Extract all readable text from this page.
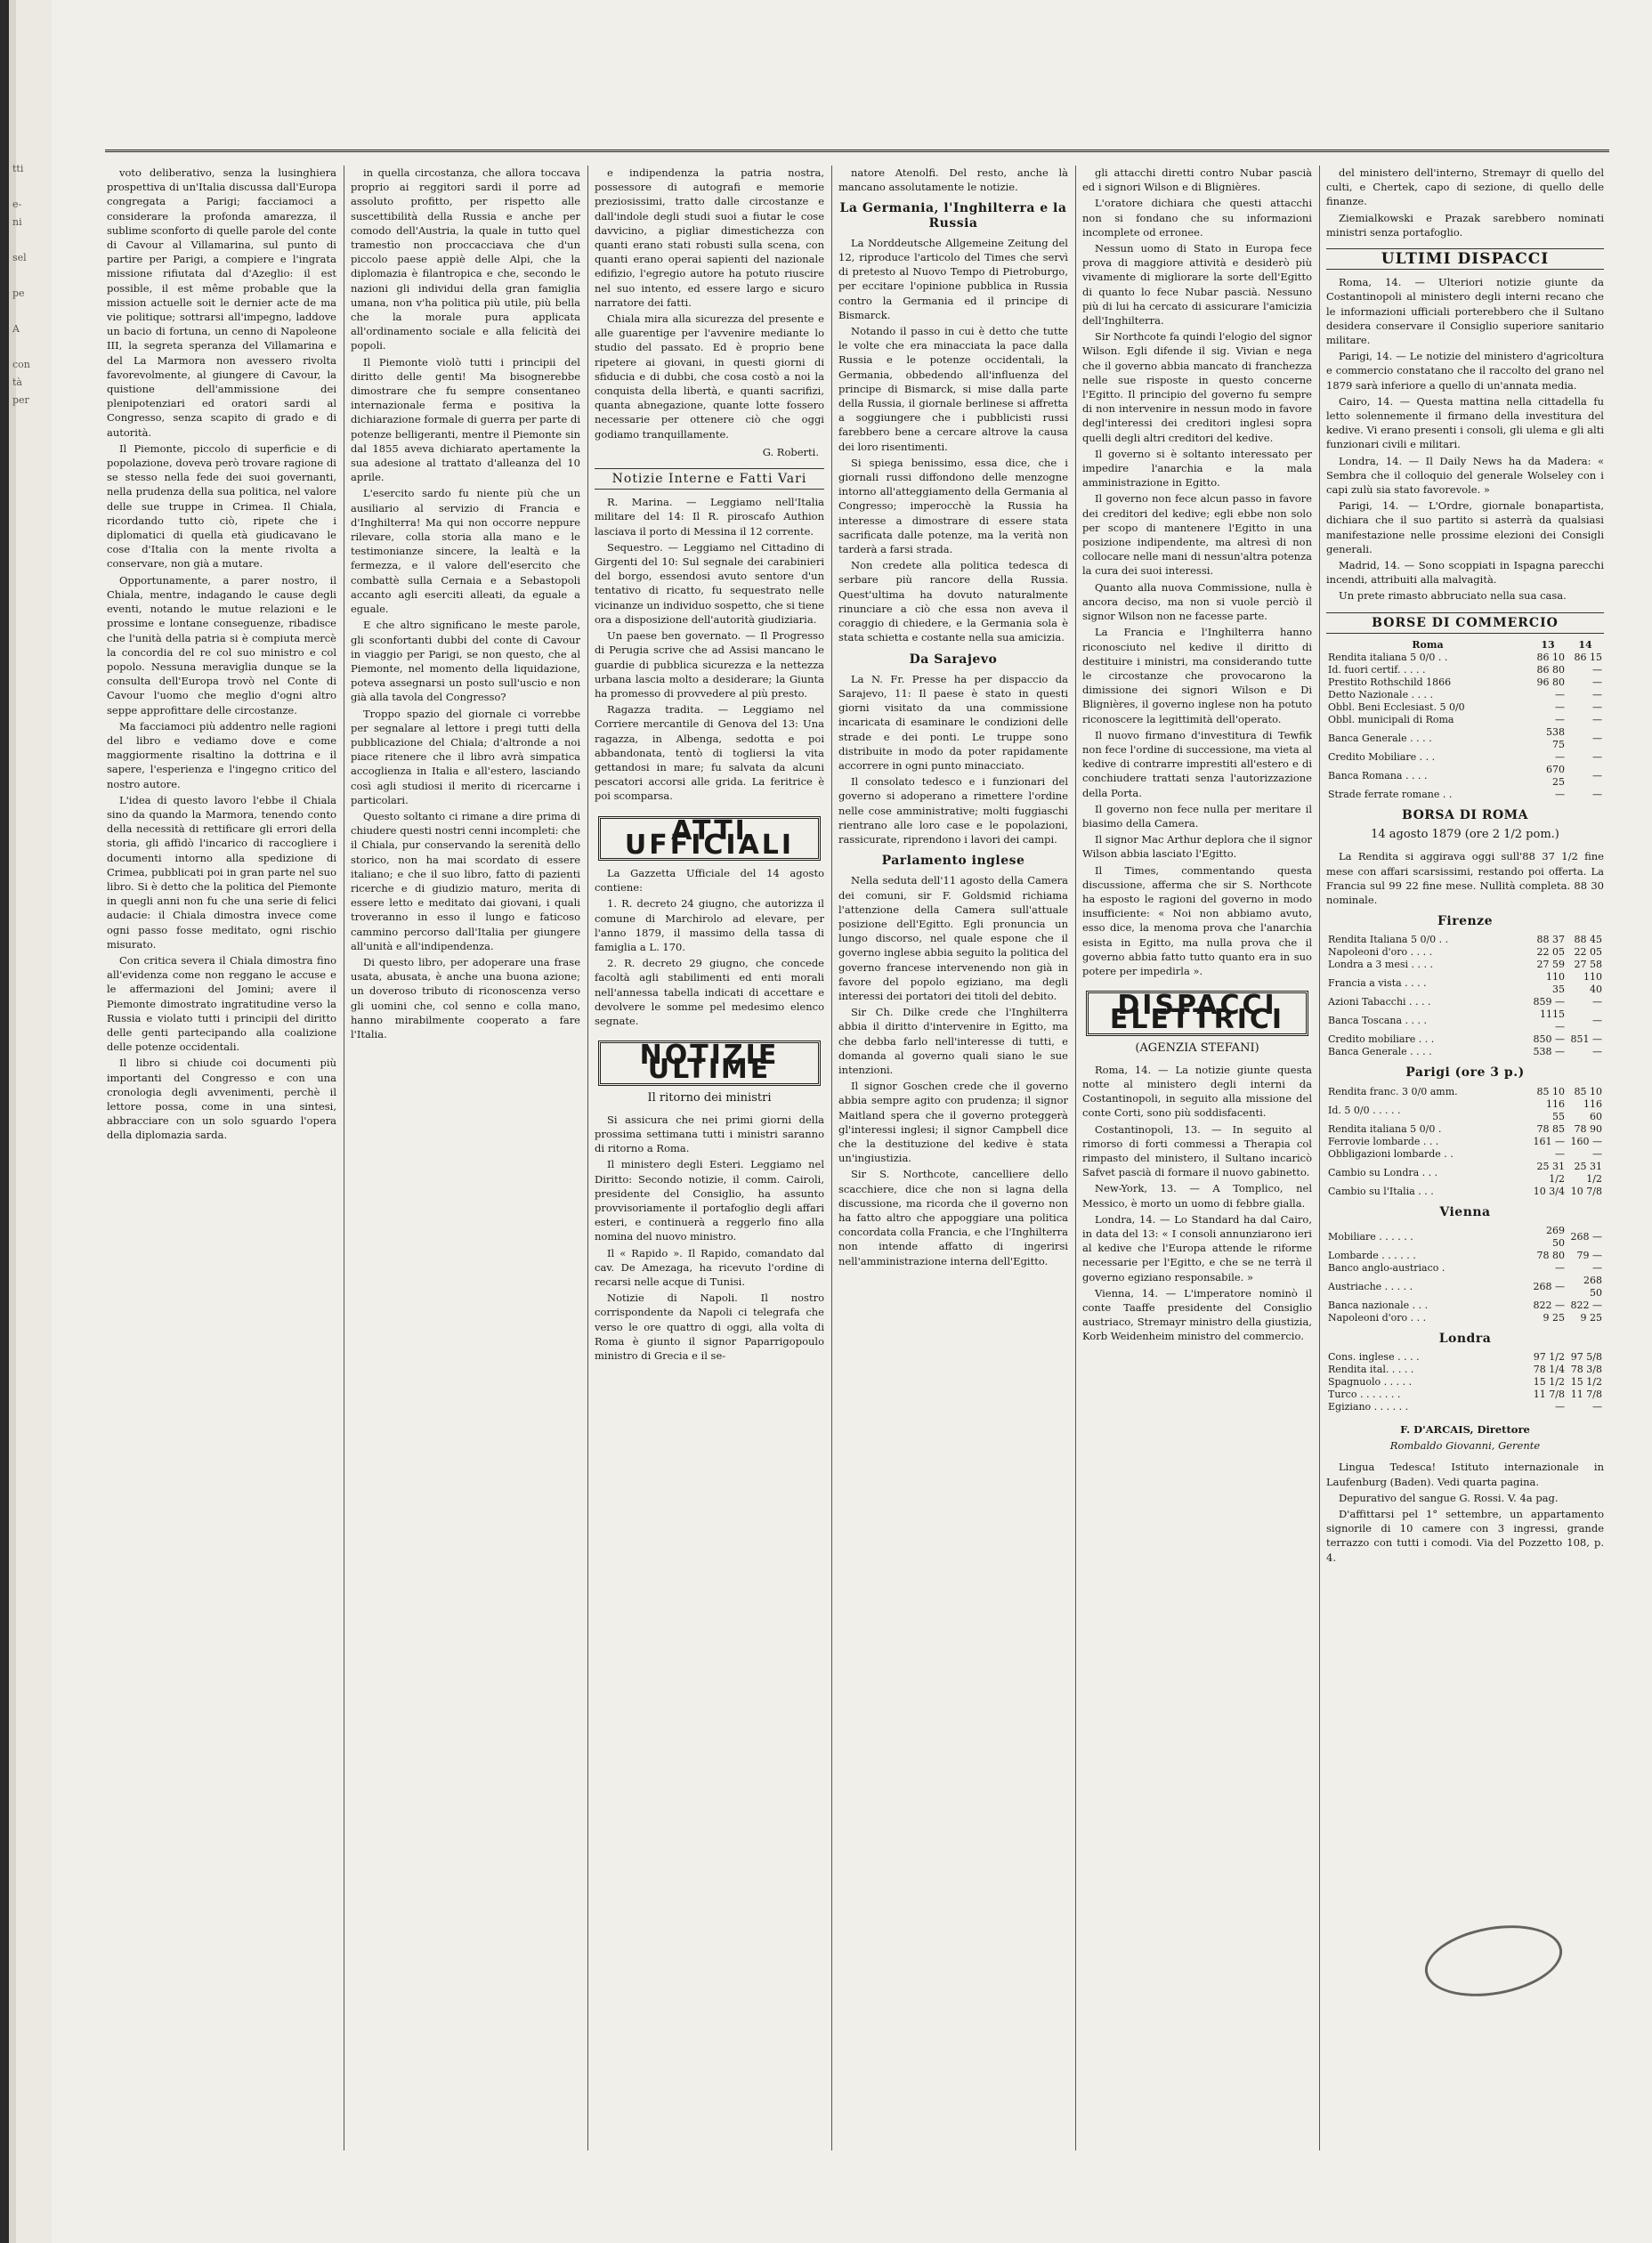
tti

e-
ni

sel

pe

A

con
tà
per

voto deliberativo, senza la lusinghiera prospettiva di un'Italia discussa dall'Europa congregata a Parigi; facciamoci a considerare la profonda amarezza, il sublime sconforto di quelle parole del conte di Cavour al Villamarina, sul punto di partire per Parigi, a compiere e l'ingrata missione rifiutata dal d'Azeglio: il est possible, il est même probable que la mission actuelle soit le dernier acte de ma vie politique; sottrarsi all'impegno, laddove un bacio di fortuna, un cenno di Napoleone III, la segreta speranza del Villamarina e del La Marmora non avessero rivolta favorevolmente, al giungere di Cavour, la quistione dell'ammissione dei plenipotenziari ed oratori sardi al Congresso, senza scapito di grado e di autorità.

Il Piemonte, piccolo di superficie e di popolazione, doveva però trovare ragione di se stesso nella fede dei suoi governanti, nella prudenza della sua politica, nel valore delle sue truppe in Crimea. Il Chiala, ricordando tutto ciò, ripete che i diplomatici di quella età giudicavano le cose d'Italia con la mente rivolta a conservare, non già a mutare.

Opportunamente, a parer nostro, il Chiala, mentre, indagando le cause degli eventi, notando le mutue relazioni e le prossime e lontane conseguenze, ribadisce che l'unità della patria si è compiuta mercè la concordia del re col suo ministro e col popolo. Nessuna meraviglia dunque se la consulta dell'Europa trovò nel Conte di Cavour l'uomo che meglio d'ogni altro seppe approfittare delle circostanze.

Ma facciamoci più addentro nelle ragioni del libro e vediamo dove e come maggiormente risaltino la dottrina e il sapere, l'esperienza e l'ingegno critico del nostro autore.

L'idea di questo lavoro l'ebbe il Chiala sino da quando la Marmora, tenendo conto della necessità di rettificare gli errori della storia, gli affidò l'incarico di raccogliere i documenti intorno alla spedizione di Crimea, pubblicati poi in gran parte nel suo libro. Si è detto che la politica del Piemonte in quegli anni non fu che una serie di felici audacie: il Chiala dimostra invece come ogni passo fosse meditato, ogni rischio misurato.

Con critica severa il Chiala dimostra fino all'evidenza come non reggano le accuse e le affermazioni del Jomini; avere il Piemonte dimostrato ingratitudine verso la Russia e violato tutti i principii del diritto delle genti partecipando alla coalizione delle potenze occidentali.

Il libro si chiude coi documenti più importanti del Congresso e con una cronologia degli avvenimenti, perchè il lettore possa, come in una sintesi, abbracciare con un solo sguardo l'opera della diplomazia sarda.

in quella circostanza, che allora toccava proprio ai reggitori sardi il porre ad assoluto profitto, per rispetto alle suscettibilità della Russia e anche per comodo dell'Austria, la quale in tutto quel tramestìo non proccacciava che d'un piccolo paese appiè delle Alpi, che la diplomazia è filantropica e che, secondo le nazioni gli individui della gran famiglia umana, non v'ha politica più utile, più bella che la morale pura applicata all'ordinamento sociale e alla felicità dei popoli.

Il Piemonte violò tutti i principii del diritto delle genti! Ma bisognerebbe dimostrare che fu sempre consentaneo internazionale ferma e positiva la dichiarazione formale di guerra per parte di potenze belligeranti, mentre il Piemonte sin dal 1855 aveva dichiarato apertamente la sua adesione al trattato d'alleanza del 10 aprile.

L'esercito sardo fu niente più che un ausiliario al servizio di Francia e d'Inghilterra! Ma qui non occorre neppure rilevare, colla storia alla mano e le testimonianze sincere, la lealtà e la fermezza, e il valore dell'esercito che combattè sulla Cernaia e a Sebastopoli accanto agli eserciti alleati, da eguale a eguale.

E che altro significano le meste parole, gli sconfortanti dubbi del conte di Cavour in viaggio per Parigi, se non questo, che al Piemonte, nel momento della liquidazione, poteva assegnarsi un posto sull'uscio e non già alla tavola del Congresso?

Troppo spazio del giornale ci vorrebbe per segnalare al lettore i pregi tutti della pubblicazione del Chiala; d'altronde a noi piace ritenere che il libro avrà simpatica accoglienza in Italia e all'estero, lasciando così agli studiosi il merito di ricercarne i particolari.

Questo soltanto ci rimane a dire prima di chiudere questi nostri cenni incompleti: che il Chiala, pur conservando la serenità dello storico, non ha mai scordato di essere italiano; e che il suo libro, fatto di pazienti ricerche e di giudizio maturo, merita di essere letto e meditato dai giovani, i quali troveranno in esso il lungo e faticoso cammino percorso dall'Italia per giungere all'unità e all'indipendenza.

Di questo libro, per adoperare una frase usata, abusata, è anche una buona azione; un doveroso tributo di riconoscenza verso gli uomini che, col senno e colla mano, hanno mirabilmente cooperato a fare l'Italia.

e indipendenza la patria nostra, possessore di autografi e memorie preziosissimi, tratto dalle circostanze e dall'indole degli studi suoi a fiutar le cose davvicino, a pigliar dimestichezza con quanti erano stati robusti sulla scena, con quanti erano operai sapienti del nazionale edifizio, l'egregio autore ha potuto riuscire nel suo intento, ed essere largo e sicuro narratore dei fatti.

Chiala mira alla sicurezza del presente e alle guarentige per l'avvenire mediante lo studio del passato. Ed è proprio bene ripetere ai giovani, in questi giorni di sfiducia e di dubbi, che cosa costò a noi la conquista della libertà, e quanti sacrifizi, quanta abnegazione, quante lotte fossero necessarie per ottenere ciò che oggi godiamo tranquillamente.

G. Roberti.
Notizie Interne e Fatti Vari

R. Marina. — Leggiamo nell'Italia militare del 14: Il R. piroscafo Authion lasciava il porto di Messina il 12 corrente.

Sequestro. — Leggiamo nel Cittadino di Girgenti del 10: Sul segnale dei carabinieri del borgo, essendosi avuto sentore d'un tentativo di ricatto, fu sequestrato nelle vicinanze un individuo sospetto, che si tiene ora a disposizione dell'autorità giudiziaria.

Un paese ben governato. — Il Progresso di Perugia scrive che ad Assisi mancano le guardie di pubblica sicurezza e la nettezza urbana lascia molto a desiderare; la Giunta ha promesso di provvedere al più presto.

Ragazza tradita. — Leggiamo nel Corriere mercantile di Genova del 13: Una ragazza, in Albenga, sedotta e poi abbandonata, tentò di togliersi la vita gettandosi in mare; fu salvata da alcuni pescatori accorsi alle grida. La feritrice è poi scomparsa.

ATTI UFFICIALI

La Gazzetta Ufficiale del 14 agosto contiene:

1. R. decreto 24 giugno, che autorizza il comune di Marchirolo ad elevare, per l'anno 1879, il massimo della tassa di famiglia a L. 170.

2. R. decreto 29 giugno, che concede facoltà agli stabilimenti ed enti morali nell'annessa tabella indicati di accettare e devolvere le somme pel medesimo elenco segnate.

NOTIZIE ULTIME
Il ritorno dei ministri

Si assicura che nei primi giorni della prossima settimana tutti i ministri saranno di ritorno a Roma.

Il ministero degli Esteri. Leggiamo nel Diritto: Secondo notizie, il comm. Cairoli, presidente del Consiglio, ha assunto provvisoriamente il portafoglio degli affari esteri, e continuerà a reggerlo fino alla nomina del nuovo ministro.

Il « Rapido ». Il Rapido, comandato dal cav. De Amezaga, ha ricevuto l'ordine di recarsi nelle acque di Tunisi.

Notizie di Napoli. Il nostro corrispondente da Napoli ci telegrafa che verso le ore quattro di oggi, alla volta di Roma è giunto il signor Paparrigopoulo ministro di Grecia e il se-

natore Atenolfi. Del resto, anche là mancano assolutamente le notizie.

La Germania, l'Inghilterra e la Russia

La Norddeutsche Allgemeine Zeitung del 12, riproduce l'articolo del Times che servì di pretesto al Nuovo Tempo di Pietroburgo, per eccitare l'opinione pubblica in Russia contro la Germania ed il principe di Bismarck.

Notando il passo in cui è detto che tutte le volte che era minacciata la pace dalla Russia e le potenze occidentali, la Germania, obbedendo all'influenza del principe di Bismarck, si mise dalla parte della Russia, il giornale berlinese si affretta a soggiungere che i pubblicisti russi farebbero bene a cercare altrove la causa dei loro risentimenti.

Si spiega benissimo, essa dice, che i giornali russi diffondono delle menzogne intorno all'atteggiamento della Germania al Congresso; imperocchè la Russia ha interesse a dimostrare di essere stata sacrificata dalle potenze, ma la verità non tarderà a farsi strada.

Non credete alla politica tedesca di serbare più rancore della Russia. Quest'ultima ha dovuto naturalmente rinunciare a ciò che essa non aveva il coraggio di chiedere, e la Germania sola è stata schietta e costante nella sua amicizia.

Da Sarajevo

La N. Fr. Presse ha per dispaccio da Sarajevo, 11: Il paese è stato in questi giorni visitato da una commissione incaricata di esaminare le condizioni delle strade e dei ponti. Le truppe sono distribuite in modo da poter rapidamente accorrere in ogni punto minacciato.

Il consolato tedesco e i funzionari del governo si adoperano a rimettere l'ordine nelle cose amministrative; molti fuggiaschi rientrano alle loro case e le popolazioni, rassicurate, riprendono i lavori dei campi.

Parlamento inglese

Nella seduta dell'11 agosto della Camera dei comuni, sir F. Goldsmid richiama l'attenzione della Camera sull'attuale posizione dell'Egitto. Egli pronuncia un lungo discorso, nel quale espone che il governo inglese abbia seguito la politica del governo francese intervenendo non già in favore del popolo egiziano, ma degli interessi dei portatori dei titoli del debito.

Sir Ch. Dilke crede che l'Inghilterra abbia il diritto d'intervenire in Egitto, ma che debba farlo nell'interesse di tutti, e domanda al governo quali siano le sue intenzioni.

Il signor Goschen crede che il governo abbia sempre agito con prudenza; il signor Maitland spera che il governo proteggerà gl'interessi inglesi; il signor Campbell dice che la destituzione del kedive è stata un'ingiustizia.

Sir S. Northcote, cancelliere dello scacchiere, dice che non si lagna della discussione, ma ricorda che il governo non ha fatto altro che appoggiare una politica concordata colla Francia, e che l'Inghilterra non intende affatto di ingerirsi nell'amministrazione interna dell'Egitto.

gli attacchi diretti contro Nubar pascià ed i signori Wilson e di Blignières.

L'oratore dichiara che questi attacchi non si fondano che su informazioni incomplete od erronee.

Nessun uomo di Stato in Europa fece prova di maggiore attività e desiderò più vivamente di migliorare la sorte dell'Egitto di quanto lo fece Nubar pascià. Nessuno più di lui ha cercato di assicurare l'amicizia dell'Inghilterra.

Sir Northcote fa quindi l'elogio del signor Wilson. Egli difende il sig. Vivian e nega che il governo abbia mancato di franchezza nelle sue risposte in questo concerne l'Egitto. Il principio del governo fu sempre di non intervenire in nessun modo in favore degl'interessi dei creditori inglesi sopra quelli degli altri creditori del kedive.

Il governo si è soltanto interessato per impedire l'anarchia e la mala amministrazione in Egitto.

Il governo non fece alcun passo in favore dei creditori del kedive; egli ebbe non solo per scopo di mantenere l'Egitto in una posizione indipendente, ma altresì di non collocare nelle mani di nessun'altra potenza la cura dei suoi interessi.

Quanto alla nuova Commissione, nulla è ancora deciso, ma non si vuole perciò il signor Wilson non ne facesse parte.

La Francia e l'Inghilterra hanno riconosciuto nel kedive il diritto di destituire i ministri, ma considerando tutte le circostanze che provocarono la dimissione dei signori Wilson e Di Blignières, il governo inglese non ha potuto riconoscere la legittimità dell'operato.

Il nuovo firmano d'investitura di Tewfik non fece l'ordine di successione, ma vieta al kedive di contrarre imprestiti all'estero e di conchiudere trattati senza l'autorizzazione della Porta.

Il governo non fece nulla per meritare il biasimo della Camera.

Il signor Mac Arthur deplora che il signor Wilson abbia lasciato l'Egitto.

Il Times, commentando questa discussione, afferma che sir S. Northcote ha esposto le ragioni del governo in modo insufficiente: « Noi non abbiamo avuto, esso dice, la menoma prova che l'anarchia esista in Egitto, ma nulla prova che il governo abbia fatto tutto quanto era in suo potere per impedirla ».

DISPACCI ELETTRICI
(AGENZIA STEFANI)

Roma, 14. — La notizie giunte questa notte al ministero degli interni da Costantinopoli, in seguito alla missione del conte Corti, sono più soddisfacenti.

Costantinopoli, 13. — In seguito al rimorso di forti commessi a Therapia col rimpasto del ministero, il Sultano incaricò Safvet pascià di formare il nuovo gabinetto.

New-York, 13. — A Tomplico, nel Messico, è morto un uomo di febbre gialla.

Londra, 14. — Lo Standard ha dal Cairo, in data del 13: « I consoli annunziarono ieri al kedive che l'Europa attende le riforme necessarie per l'Egitto, e che se ne terrà il governo egiziano responsabile. »

Vienna, 14. — L'imperatore nominò il conte Taaffe presidente del Consiglio austriaco, Stremayr ministro della giustizia, Korb Weidenheim ministro del commercio.

del ministero dell'interno, Stremayr di quello del culti, e Chertek, capo di sezione, di quello delle finanze.

Ziemialkowski e Prazak sarebbero nominati ministri senza portafoglio.

ULTIMI DISPACCI

Roma, 14. — Ulteriori notizie giunte da Costantinopoli al ministero degli interni recano che le informazioni ufficiali porterebbero che il Sultano desidera conservare il Consiglio superiore sanitario militare.

Parigi, 14. — Le notizie del ministero d'agricoltura e commercio constatano che il raccolto del grano nel 1879 sarà inferiore a quello di un'annata media.

Cairo, 14. — Questa mattina nella cittadella fu letto solennemente il firmano della investitura del kedive. Vi erano presenti i consoli, gli ulema e gli alti funzionari civili e militari.

Londra, 14. — Il Daily News ha da Madera: « Sembra che il colloquio del generale Wolseley con i capi zulù sia stato favorevole. »

Parigi, 14. — L'Ordre, giornale bonapartista, dichiara che il suo partito si asterrà da qualsiasi manifestazione nelle prossime elezioni dei Consigli generali.

Madrid, 14. — Sono scoppiati in Ispagna parecchi incendi, attribuiti alla malvagità.

Un prete rimasto abbruciato nella sua casa.

BORSE DI COMMERCIO
Roma	13	14
Rendita italiana 5 0/0 . .	86 10	86 15
Id. fuori certif. . . . .	86 80	—
Prestito Rothschild 1866	96 80	—
Detto Nazionale . . . .	—	—
Obbl. Beni Ecclesiast. 5 0/0	—	—
Obbl. municipali di Roma	—	—
Banca Generale . . . .	538 75	—
Credito Mobiliare . . .	—	—
Banca Romana . . . .	670 25	—
Strade ferrate romane . .	—	—
BORSA DI ROMA
14 agosto 1879 (ore 2 1/2 pom.)

La Rendita si aggirava oggi sull'88 37 1/2 fine mese con affari scarsissimi, restando poi offerta. La Francia sul 99 22 fine mese. Nullità completa. 88 30 nominale.

Firenze
Rendita Italiana 5 0/0 . .	88 37	88 45
Napoleoni d'oro . . . .	22 05	22 05
Londra a 3 mesi . . . .	27 59	27 58
Francia a vista . . . .	110 35	110 40
Azioni Tabacchi . . . .	859 —	—
Banca Toscana . . . .	1115 —	—
Credito mobiliare . . .	850 —	851 —
Banca Generale . . . .	538 —	—
Parigi (ore 3 p.)
Rendita franc. 3 0/0 amm.	85 10	85 10
Id. 5 0/0 . . . . .	116 55	116 60
Rendita italiana 5 0/0 .	78 85	78 90
Ferrovie lombarde . . .	161 —	160 —
Obbligazioni lombarde . .	—	—
Cambio su Londra . . .	25 31 1/2	25 31 1/2
Cambio su l'Italia . . .	10 3/4	10 7/8
Vienna
Mobiliare . . . . . .	269 50	268 —
Lombarde . . . . . .	78 80	79 —
Banco anglo-austriaco .	—	—
Austriache . . . . .	268 —	268 50
Banca nazionale . . .	822 —	822 —
Napoleoni d'oro . . .	9 25	9 25
Londra
Cons. inglese . . . .	97 1/2	97 5/8
Rendita ital. . . . .	78 1/4	78 3/8
Spagnuolo . . . . .	15 1/2	15 1/2
Turco . . . . . . .	11 7/8	11 7/8
Egiziano . . . . . .	—	—
F. D'ARCAIS, Direttore
Rombaldo Giovanni, Gerente

Lingua Tedesca! Istituto internazionale in Laufenburg (Baden). Vedi quarta pagina.

Depurativo del sangue G. Rossi. V. 4a pag.

D'affittarsi pel 1° settembre, un appartamento signorile di 10 camere con 3 ingressi, grande terrazzo con tutti i comodi. Via del Pozzetto 108, p. 4.
